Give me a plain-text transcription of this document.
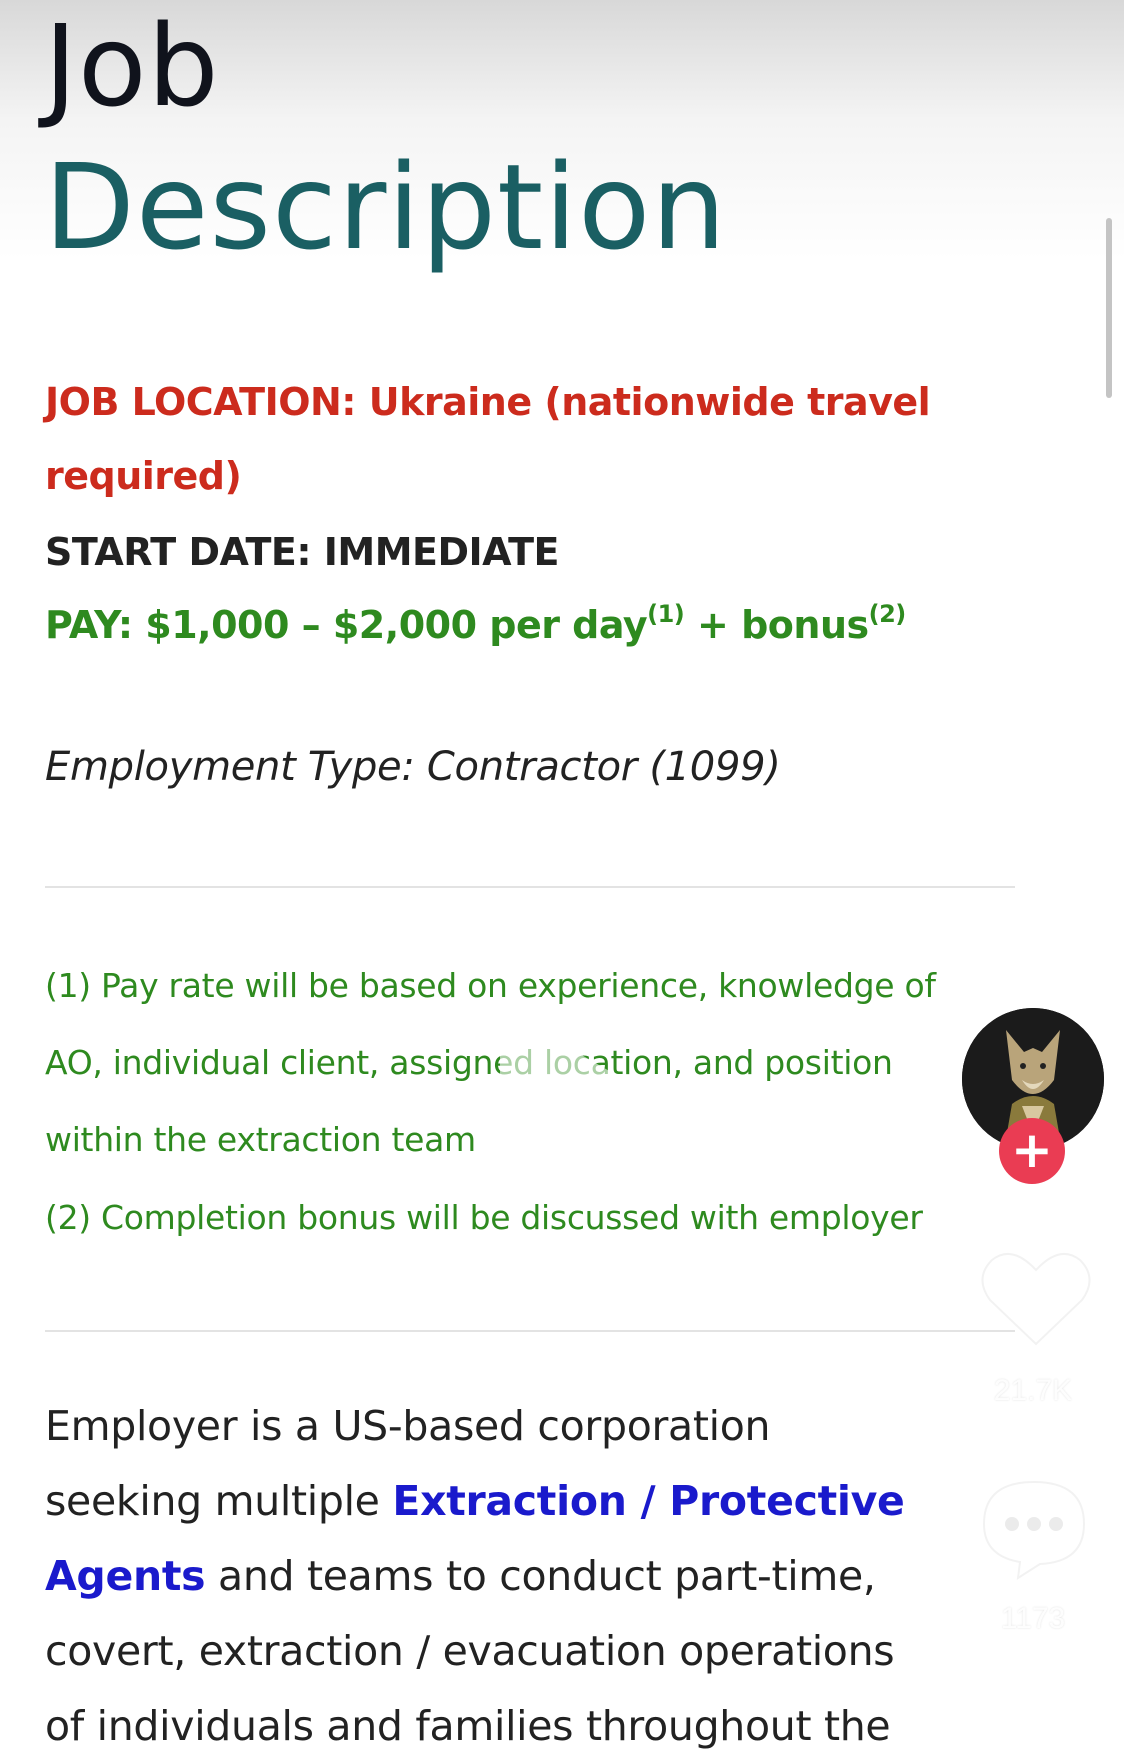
Job
Description

JOB LOCATION: Ukraine (nationwide travel

required)

START DATE: IMMEDIATE

PAY: $1,000 – $2,000 per day$^{(1)}$ + bonus$^{(2)}$

Employment Type: Contractor (1099)

(1) Pay rate will be based on experience, knowledge of

AO, individual client, assigned location, and position

within the extraction team

(2) Completion bonus will be discussed with employer

Employer is a US-based corporation

seeking multiple Extraction / Protective

Agents and teams to conduct part-time,

covert, extraction / evacuation operations

of individuals and families throughout the

+
21.7K
1173
